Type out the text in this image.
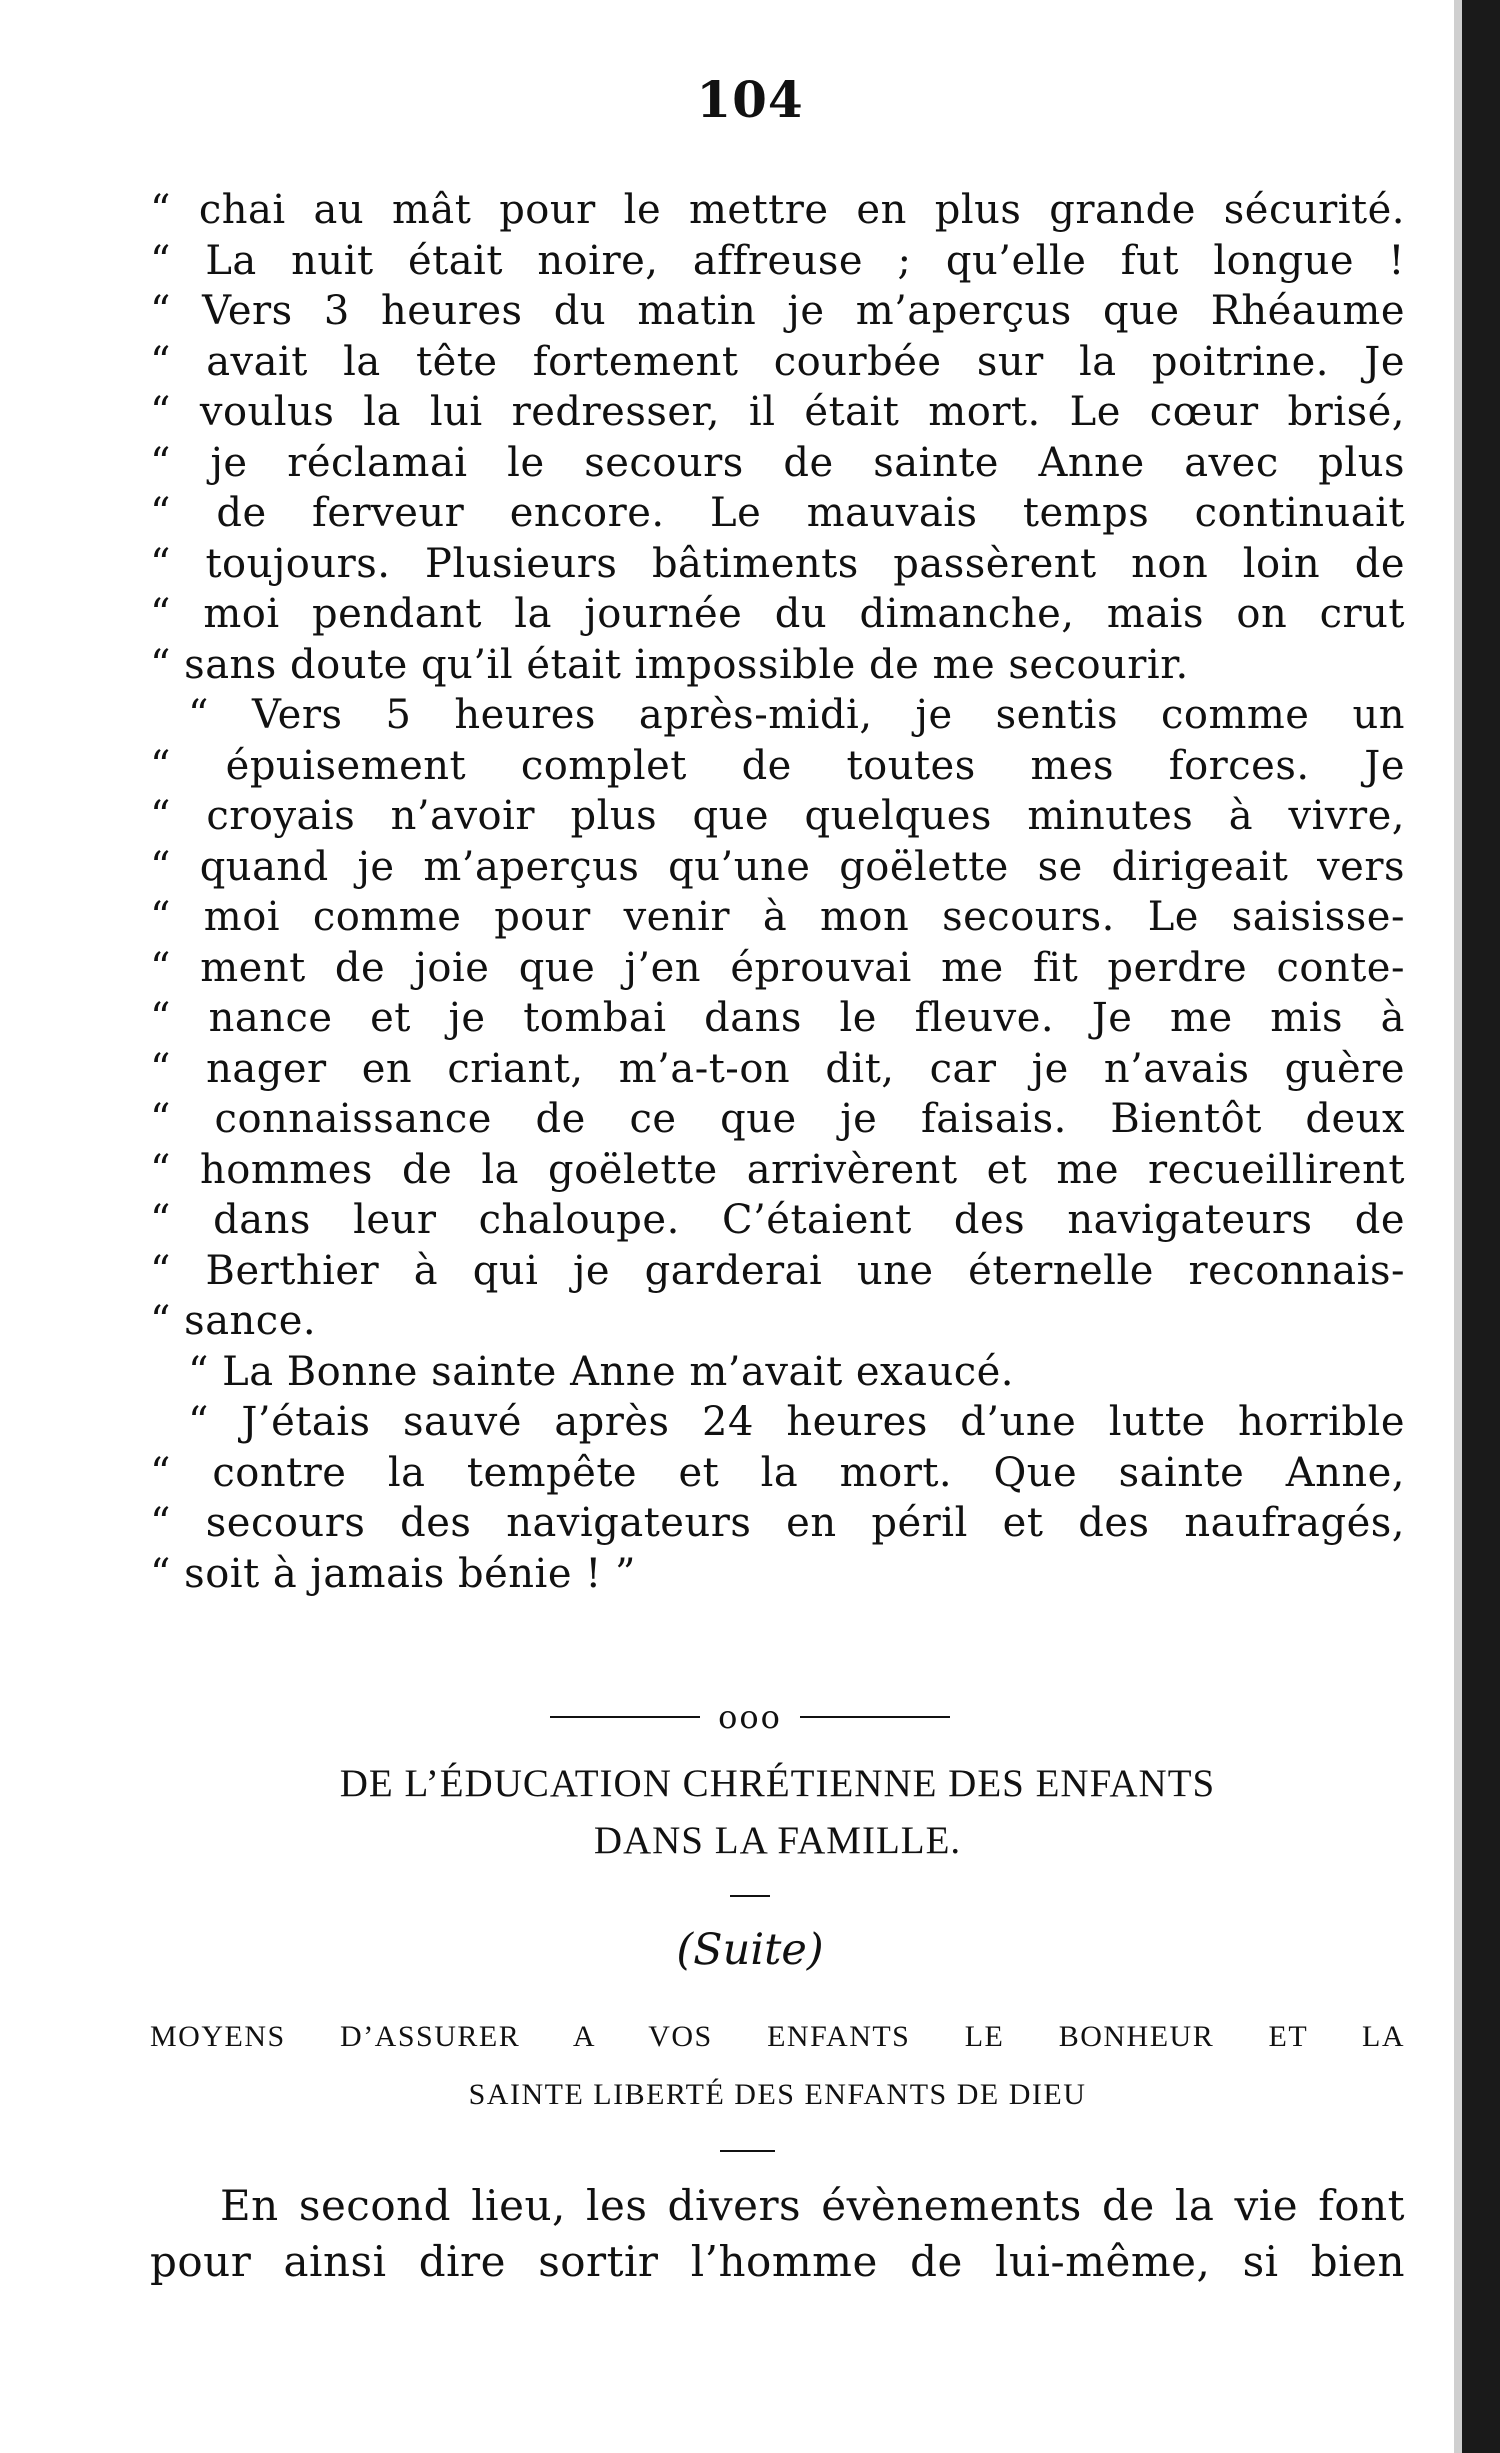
104
“ chai au mât pour le mettre en plus grande sécurité.
“ La nuit était noire, affreuse ; qu’elle fut longue !
“ Vers 3 heures du matin je m’aperçus que Rhéaume
“ avait la tête fortement courbée sur la poitrine. Je
“ voulus la lui redresser, il était mort. Le cœur brisé,
“ je réclamai le secours de sainte Anne avec plus
“ de ferveur encore. Le mauvais temps continuait
“ toujours. Plusieurs bâtiments passèrent non loin de
“ moi pendant la journée du dimanche, mais on crut
“ sans doute qu’il était impossible de me secourir.
“ Vers 5 heures après-midi, je sentis comme un
“ épuisement complet de toutes mes forces. Je
“ croyais n’avoir plus que quelques minutes à vivre,
“ quand je m’aperçus qu’une goëlette se dirigeait vers
“ moi comme pour venir à mon secours. Le saisisse-
“ ment de joie que j’en éprouvai me fit perdre conte-
“ nance et je tombai dans le fleuve. Je me mis à
“ nager en criant, m’a-t-on dit, car je n’avais guère
“ connaissance de ce que je faisais. Bientôt deux
“ hommes de la goëlette arrivèrent et me recueillirent
“ dans leur chaloupe. C’étaient des navigateurs de
“ Berthier à qui je garderai une éternelle reconnais-
“ sance.
“ La Bonne sainte Anne m’avait exaucé.
“ J’étais sauvé après 24 heures d’une lutte horrible
“ contre la tempête et la mort. Que sainte Anne,
“ secours des navigateurs en péril et des naufragés,
“ soit à jamais bénie ! ”
ooo
DE L’ÉDUCATION CHRÉTIENNE DES ENFANTS
DANS LA FAMILLE.
(Suite)
MOYENS D’ASSURER A VOS ENFANTS LE BONHEUR ET LA
SAINTE LIBERTÉ DES ENFANTS DE DIEU
En second lieu, les divers évènements de la vie font
pour ainsi dire sortir l’homme de lui-même, si bien
